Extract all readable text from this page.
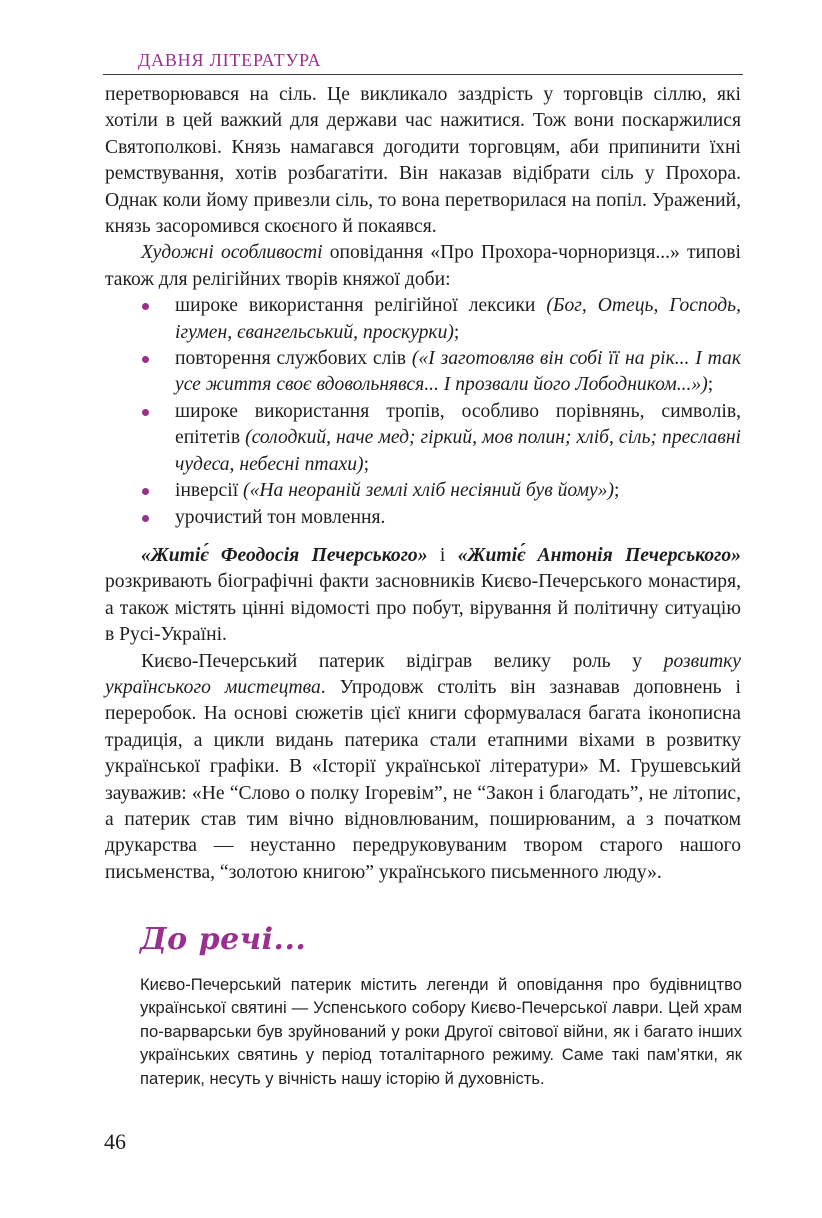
ДАВНЯ ЛІТЕРАТУРА

перетворювався на сіль. Це викликало заздрість у торговців сіллю, які хотіли в цей важкий для держави час нажитися. Тож вони поскаржилися Святополкові. Князь намагався догодити торговцям, аби припинити їхні ремствування, хотів розбагатіти. Він наказав відібрати сіль у Прохора. Однак коли йому привезли сіль, то вона перетворилася на попіл. Уражений, князь засоромився скоєного й покаявся.

Художні особливості оповідання «Про Прохора-чорноризця...» типові також для релігійних творів княжої доби:

широке використання релігійної лексики (Бог, Отець, Господь, ігумен, євангельський, проскурки);
повторення службових слів («І заготовляв він собі її на рік... І так усе життя своє вдовольнявся... І прозвали його Лободником...»);
широке використання тропів, особливо порівнянь, символів, епітетів (солодкий, наче мед; гіркий, мов полин; хліб, сіль; преславні чудеса, небесні птахи);
інверсії («На неораній землі хліб несіяний був йому»);
урочистий тон мовлення.

«Житіє́ Феодосія Печерського» і «Житіє́ Антонія Печерського» розкривають біографічні факти засновників Києво-Печерського монастиря, а також містять цінні відомості про побут, вірування й політичну ситуацію в Русі-Україні.

Києво-Печерський патерик відіграв велику роль у розвитку українського мистецтва. Упродовж століть він зазнавав доповнень і переробок. На основі сюжетів цієї книги сформувалася багата іконописна традиція, а цикли видань патерика стали етапними віхами в розвитку української графіки. В «Історії української літератури» М. Грушевський зауважив: «Не “Слово о полку Ігоревім”, не “Закон і благодать”, не літопис, а патерик став тим вічно відновлюваним, поширюваним, а з початком друкарства — неустанно передруковуваним твором старого нашого письменства, “золотою книгою” українського письменного люду».

До речі...
Києво-Печерський патерик містить легенди й оповідання про будівництво української святині — Успенського собору Києво-Печерської лаври. Цей храм по-варварськи був зруйнований у роки Другої світової війни, як і багато інших українських святинь у період тоталітарного режиму. Саме такі пам’ятки, як патерик, несуть у вічність нашу історію й духовність.
46
